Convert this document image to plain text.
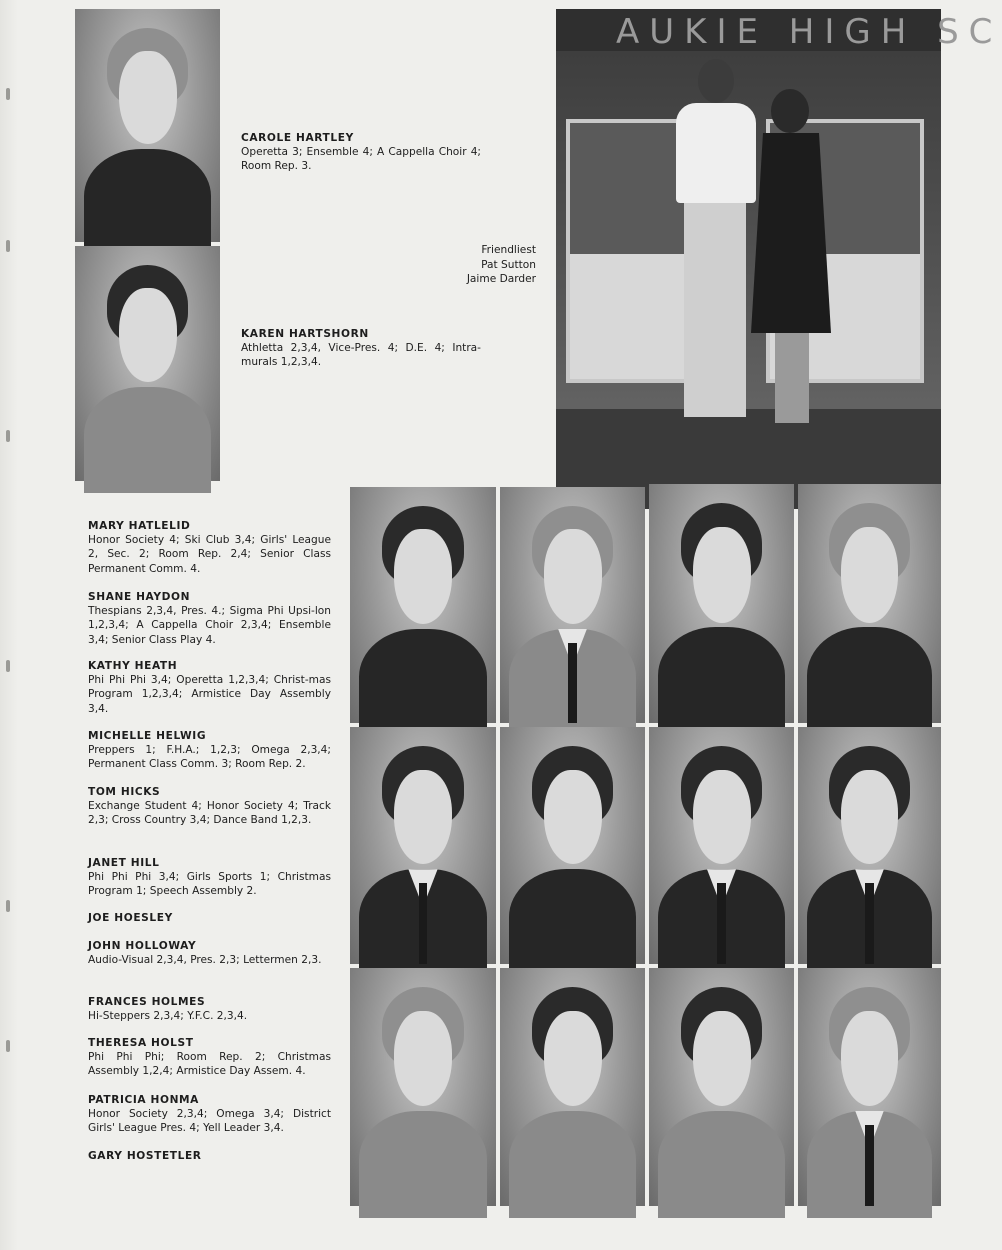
CAROLE HARTLEY
Operetta 3; Ensemble 4; A Cappella Choir 4; Room Rep. 3.
KAREN HARTSHORN
Athletta 2,3,4, Vice-Pres. 4; D.E. 4; Intra-murals 1,2,3,4.
Friendliest
Pat Sutton
Jaime Darder
AUKIE HIGH SC
MARY HATLELID
Honor Society 4; Ski Club 3,4; Girls' League 2, Sec. 2; Room Rep. 2,4; Senior Class Permanent Comm. 4.
SHANE HAYDON
Thespians 2,3,4, Pres. 4.; Sigma Phi Upsi-lon 1,2,3,4; A Cappella Choir 2,3,4; Ensemble 3,4; Senior Class Play 4.
KATHY HEATH
Phi Phi Phi 3,4; Operetta 1,2,3,4; Christ-mas Program 1,2,3,4; Armistice Day Assembly 3,4.
MICHELLE HELWIG
Preppers 1; F.H.A.; 1,2,3; Omega 2,3,4; Permanent Class Comm. 3; Room Rep. 2.
TOM HICKS
Exchange Student 4; Honor Society 4; Track 2,3; Cross Country 3,4; Dance Band 1,2,3.
JANET HILL
Phi Phi Phi 3,4; Girls Sports 1; Christmas Program 1; Speech Assembly 2.
JOE HOESLEY
JOHN HOLLOWAY
Audio-Visual 2,3,4, Pres. 2,3; Lettermen 2,3.
FRANCES HOLMES
Hi-Steppers 2,3,4; Y.F.C. 2,3,4.
THERESA HOLST
Phi Phi Phi; Room Rep. 2; Christmas Assembly 1,2,4; Armistice Day Assem. 4.
PATRICIA HONMA
Honor Society 2,3,4; Omega 3,4; District Girls' League Pres. 4; Yell Leader 3,4.
GARY HOSTETLER
